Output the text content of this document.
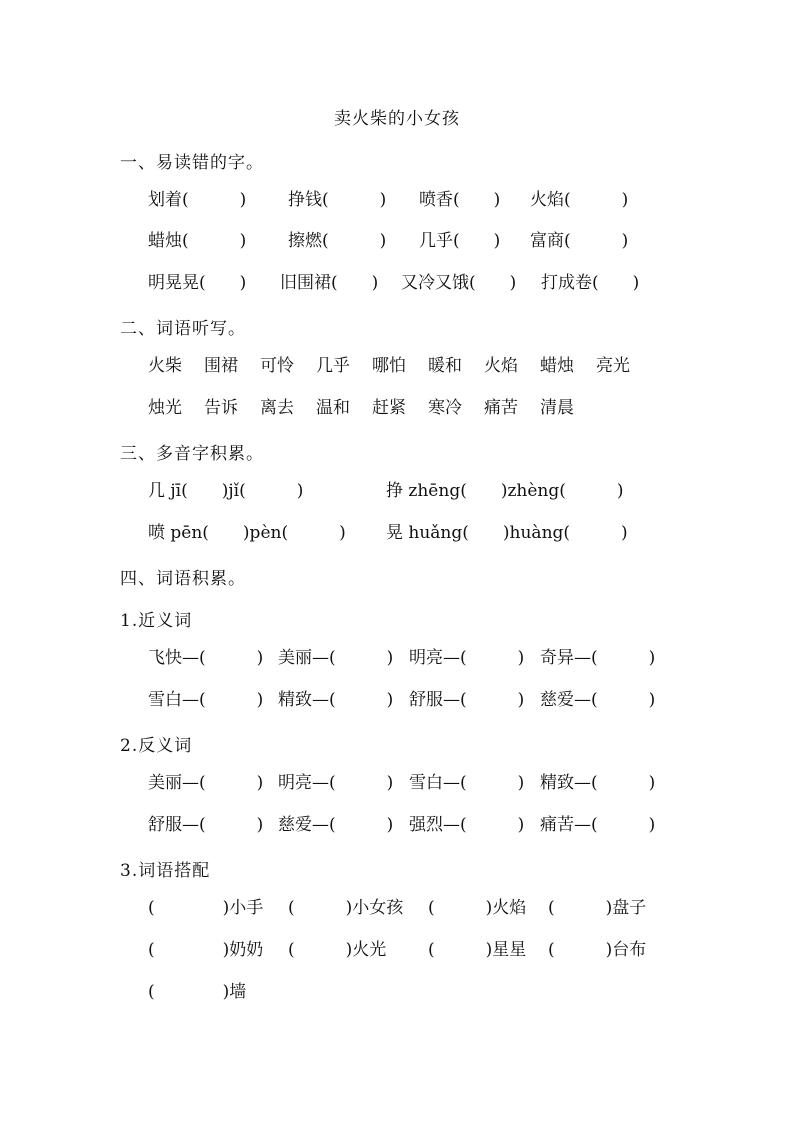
卖火柴的小女孩
一、易读错的字。
划着(　　　) 挣钱(　　　) 喷香(　　) 火焰(　　　)
蜡烛(　　　) 擦燃(　　　) 几乎(　　) 富商(　　　)
明晃晃(　　) 旧围裙(　　) 又冷又饿(　　) 打成卷(　　)
二、词语听写。
火柴 围裙 可怜 几乎 哪怕 暖和 火焰 蜡烛 亮光
烛光 告诉 离去 温和 赶紧 寒冷 痛苦 清晨
三、多音字积累。
几 jī(　　)jǐ(　　　)	挣 zhēng(　　)zhèng(　　　)
喷 pēn(　　)pèn(　　　) 晃 huǎng(　　)huàng(　　　)
四、词语积累。
1.近义词
飞快—(　　　) 美丽—(　　　) 明亮—(　　　) 奇异—(　　　)
雪白—(　　　) 精致—(　　　) 舒服—(　　　) 慈爱—(　　　)
2.反义词
美丽—(　　　) 明亮—(　　　) 雪白—(　　　) 精致—(　　　)
舒服—(　　　) 慈爱—(　　　) 强烈—(　　　) 痛苦—(　　　)
3.词语搭配
(　　　　)小手 (　　　)小女孩 (　　　)火焰 (　　　)盘子
(　　　　)奶奶 (　　　)火光 (　　　)星星 (　　　)台布
(　　　　)墙
